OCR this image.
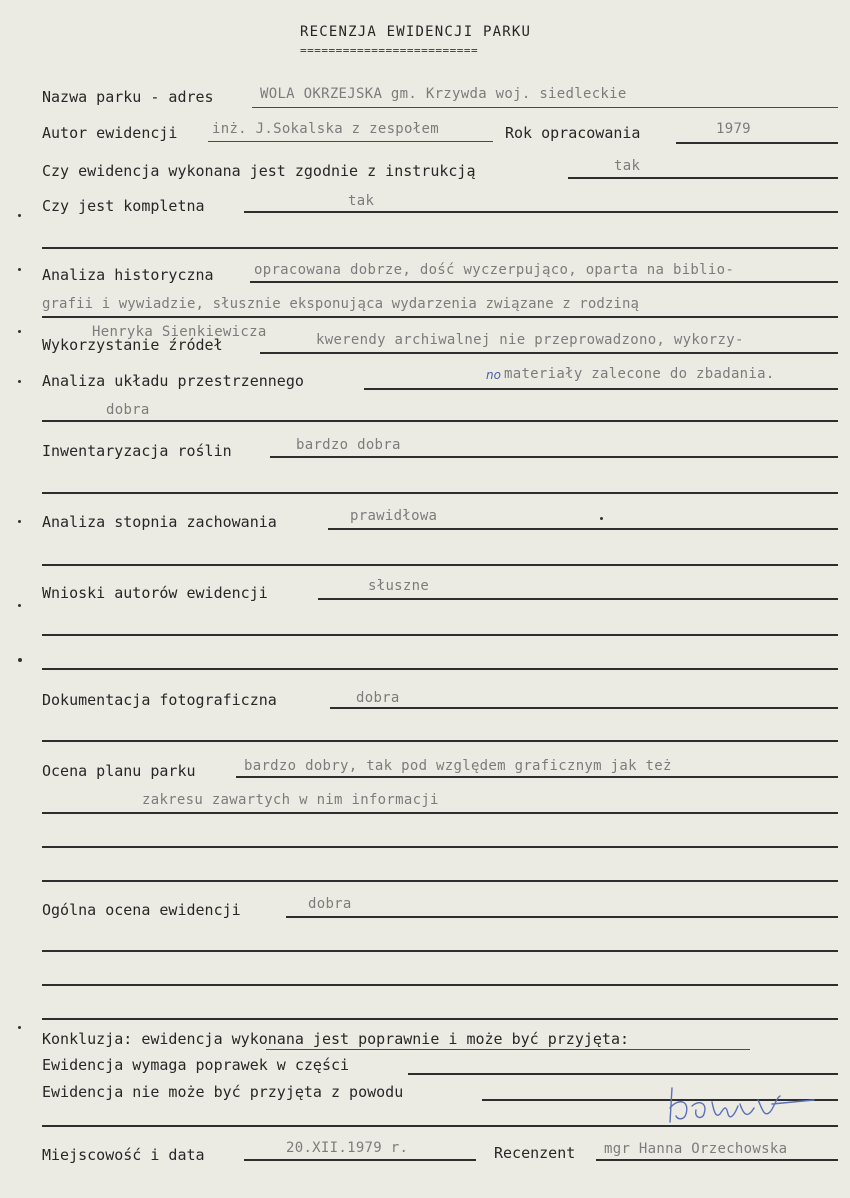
RECENZJA EWIDENCJI PARKU
=========================
Nazwa parku - adres	WOLA OKRZEJSKA gm. Krzywda woj. siedleckie
Autor ewidencji inż. J.Sokalska z zespołem	Rok opracowania	1979
Czy ewidencja wykonana jest zgodnie z instrukcją	tak
Czy jest kompletna	tak
Analiza historyczna	opracowana dobrze, dość wyczerpująco, oparta na biblio-
grafii i wywiadzie, słusznie eksponująca wydarzenia związane z rodziną
Henryka Sienkiewicza
Wykorzystanie źródeł	kwerendy archiwalnej nie przeprowadzono, wykorzy-
Analiza układu przestrzennego	no materiały zalecone do zbadania.
dobra
Inwentaryzacja roślin	bardzo dobra
Analiza stopnia zachowania	prawidłowa
Wnioski autorów ewidencji	słuszne
Dokumentacja fotograficzna	dobra
Ocena planu parku	bardzo dobry, tak pod względem graficznym jak też
zakresu zawartych w nim informacji
Ogólna ocena ewidencji	dobra
Konkluzja: ewidencja wykonana jest poprawnie i może być przyjęta:
Ewidencja wymaga poprawek w części
Ewidencja nie może być przyjęta z powodu
Miejscowość i data	20.XII.1979 r.	Recenzent mgr Hanna Orzechowska
